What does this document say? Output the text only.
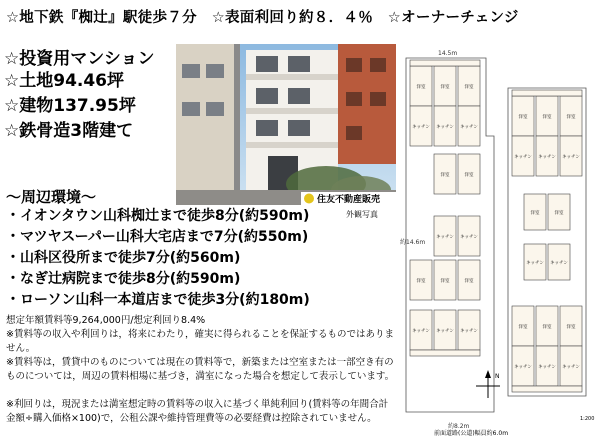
☆地下鉄『椥辻』駅徒歩７分　☆表面利回り約８．４％　☆オーナーチェンジ
☆投資用マンション
☆土地94.46坪
☆建物137.95坪
☆鉄骨造3階建て
住友不動産販売
外観写真
〜周辺環境〜
・イオンタウン山科椥辻まで徒歩8分(約590m)
・マツヤスーパー山科大宅店まで7分(約550m)
・山科区役所まで徒歩7分(約560m)
・なぎ辻病院まで徒歩8分(約590m)
・ローソン山科一本道店まで徒歩3分(約180m)
想定年額賃料等9,264,000円/想定利回り8.4%
※賃料等の収入や利回りは，将来にわたり，確実に得られることを保証するものではありません。
※賃料等は，賃貸中のものについては現在の賃料等で，新築または空室または一部空き有のものについては，周辺の賃料相場に基づき，満室になった場合を想定して表示しています。
※利回りは，現況または満室想定時の賃料等の収入に基づく単純利回り(賃料等の年間合計金額÷購入価格×100)で，公租公課や維持管理費等の必要経費は控除されていません。
14.5m
約8.2m
約14.6m
洋室	洋室	洋室
キッチン キッチン キッチン
洋室	洋室
キッチン キッチン
洋室	洋室	洋室
キッチン キッチン キッチン
洋室	洋室	洋室
キッチン キッチン キッチン
洋室	洋室
キッチン キッチン
洋室	洋室	洋室
キッチン キッチン キッチン
N
1:200
前面道路(公道)幅員約6.0m
